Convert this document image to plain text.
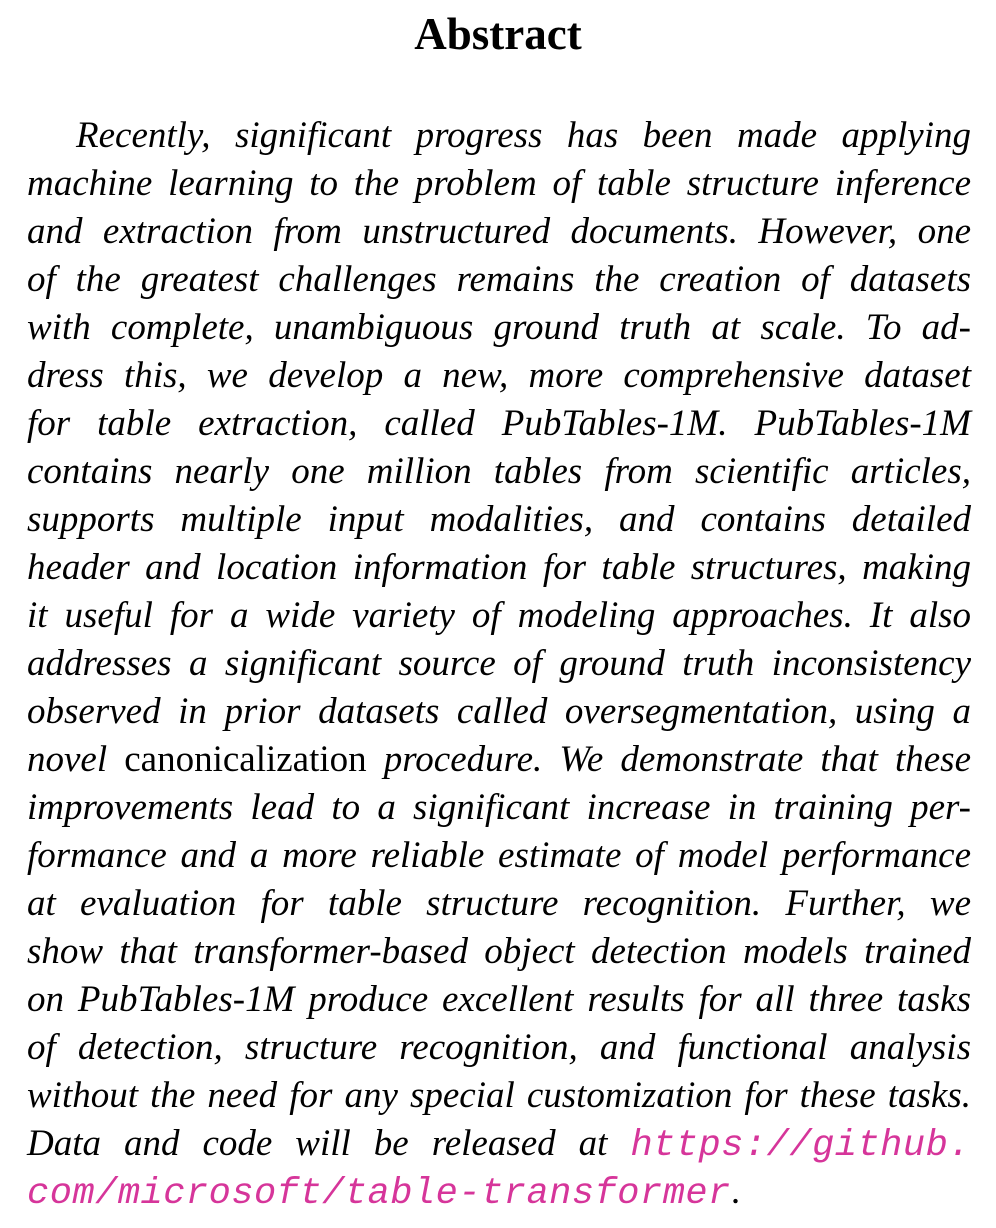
Abstract
Recently, significant progress has been made applying
machine learning to the problem of table structure inference
and extraction from unstructured documents. However, one
of the greatest challenges remains the creation of datasets
with complete, unambiguous ground truth at scale. To ad-
dress this, we develop a new, more comprehensive dataset
for table extraction, called PubTables-1M. PubTables-1M
contains nearly one million tables from scientific articles,
supports multiple input modalities, and contains detailed
header and location information for table structures, making
it useful for a wide variety of modeling approaches. It also
addresses a significant source of ground truth inconsistency
observed in prior datasets called oversegmentation, using a
novel canonicalization procedure. We demonstrate that these
improvements lead to a significant increase in training per-
formance and a more reliable estimate of model performance
at evaluation for table structure recognition. Further, we
show that transformer-based object detection models trained
on PubTables-1M produce excellent results for all three tasks
of detection, structure recognition, and functional analysis
without the need for any special customization for these tasks.
Data and code will be released at https://github.
com/microsoft/table-transformer.
